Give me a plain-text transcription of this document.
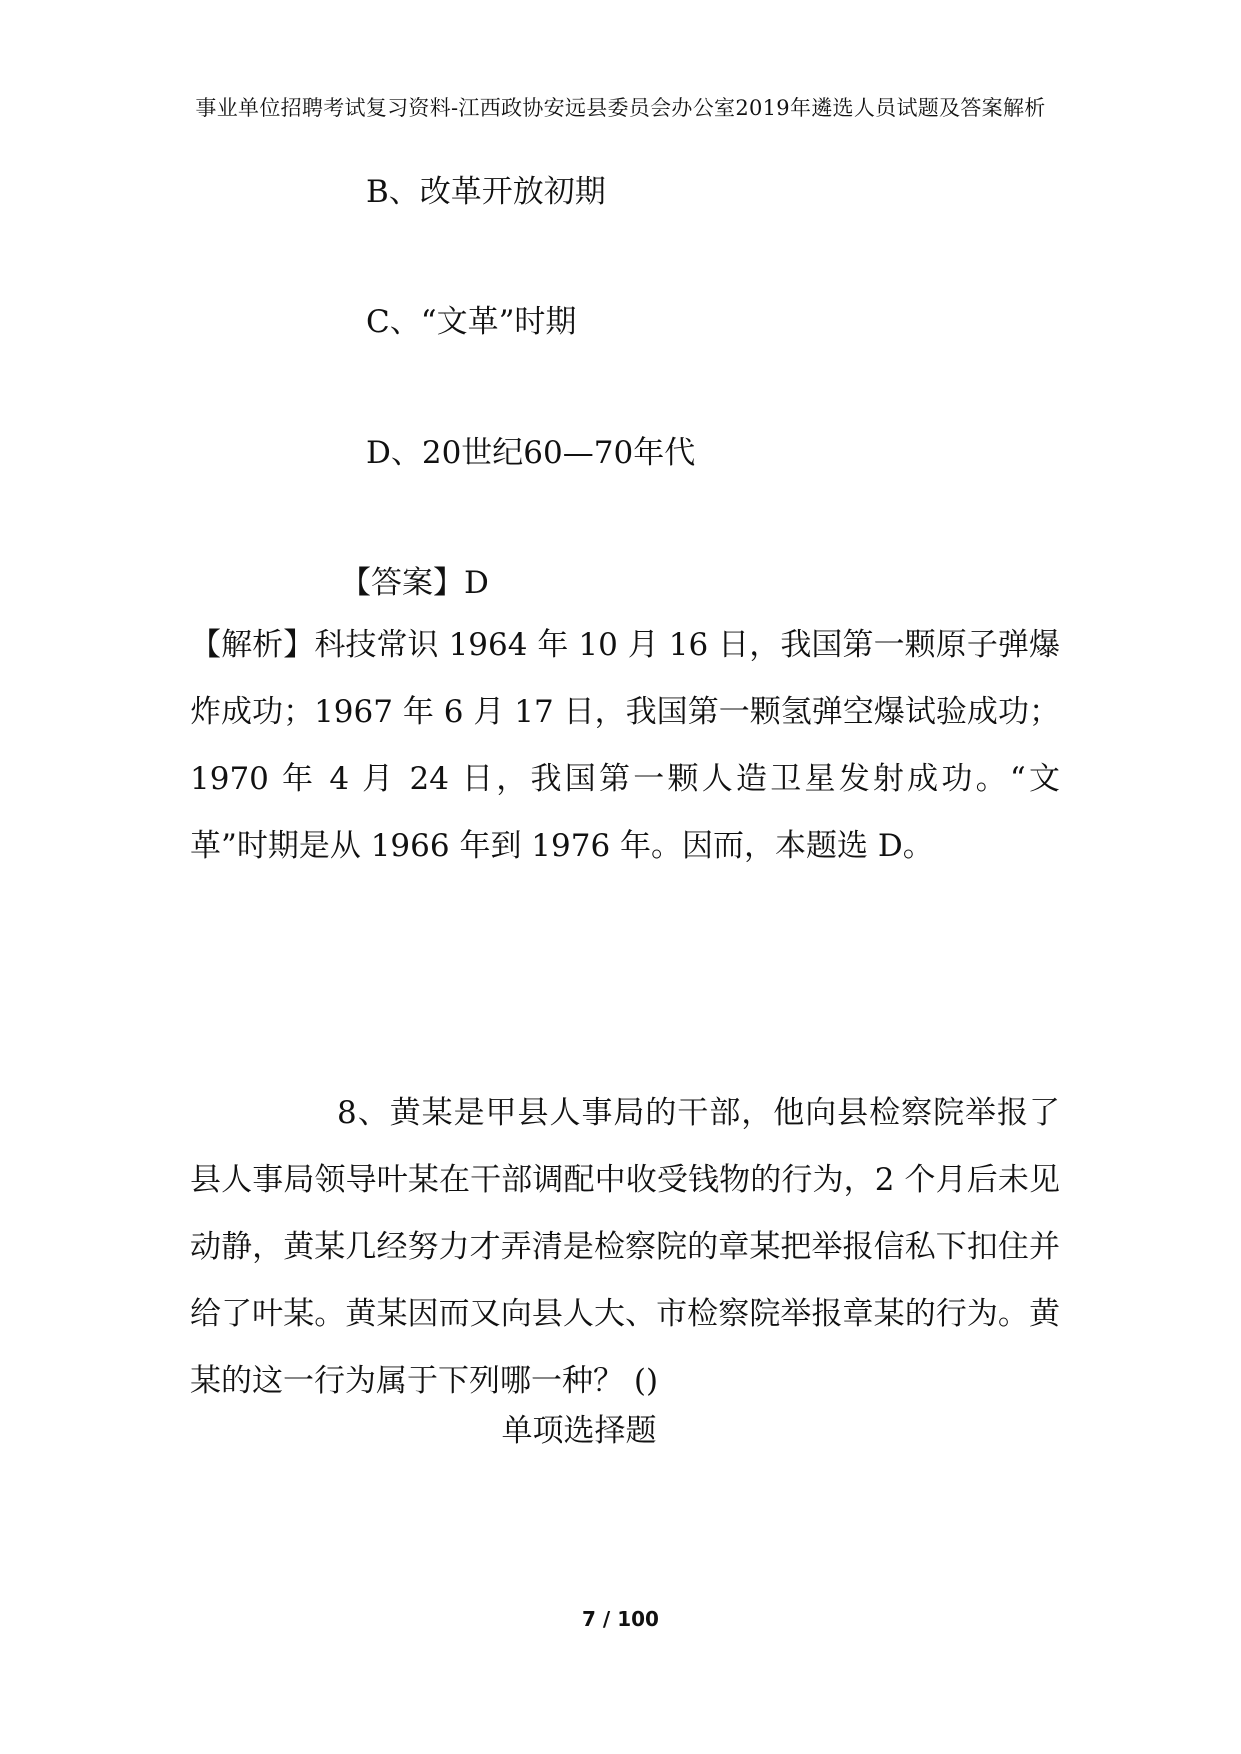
事业单位招聘考试复习资料-江西政协安远县委员会办公室2019年遴选人员试题及答案解析
B、改革开放初期
C、“文革”时期
D、20世纪60—70年代
【答案】D
【解析】科技常识 1964 年 10 月 16 日，我国第一颗原子弹爆炸成功；1967 年 6 月 17 日，我国第一颗氢弹空爆试验成功；1970 年 4 月 24 日，我国第一颗人造卫星发射成功。“文革”时期是从 1966 年到 1976 年。因而，本题选 D。
8、黄某是甲县人事局的干部，他向县检察院举报了县人事局领导叶某在干部调配中收受钱物的行为，2 个月后未见动静，黄某几经努力才弄清是检察院的章某把举报信私下扣住并给了叶某。黄某因而又向县人大、市检察院举报章某的行为。黄某的这一行为属于下列哪一种？ ()
单项选择题
7 / 100
